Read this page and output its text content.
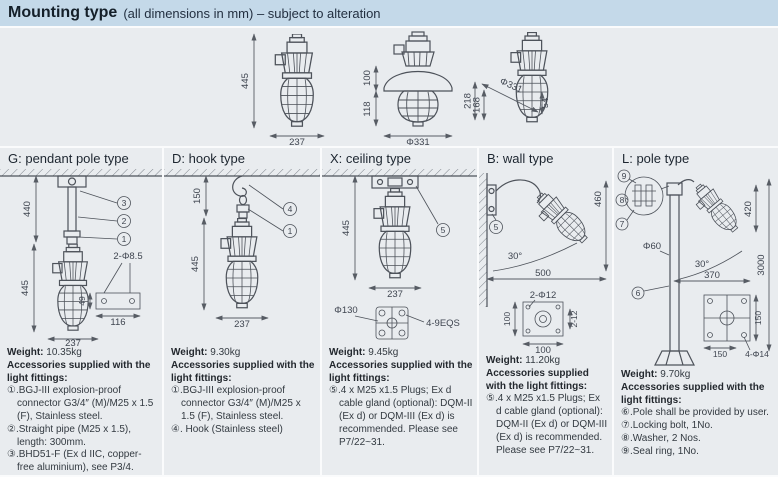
Mounting type (all dimensions in mm) – subject to alteration
445
237
100
118
Φ331
Φ331
218
168	54
G: pendant pole type
3
2
1
440
445
237
2-Φ8.5
49
116
Weight: 10.35kg
Accessories supplied with the light fittings:
①.BGJ-III explosion-proof connector G3/4″ (M)/M25 x 1.5 (F), Stainless steel.
②.Straight pipe (M25 x 1.5), length: 300mm.
③.BHD51-F (Ex d IIC, copper-free aluminium), see P3/4.
D: hook type
4
1
150
445
237
Weight: 9.30kg
Accessories supplied with the light fittings:
①.BGJ-III explosion-proof connector G3/4″ (M)/M25 x 1.5 (F), Stainless steel.
④. Hook (Stainless steel)
X: ceiling type
5
445
237
Φ130
4-9EQS
Weight: 9.45kg
Accessories supplied with the light fittings:
⑤.4 x M25 x1.5 Plugs; Ex d cable gland (optional): DQM-II (Ex d) or DQM-III (Ex d) is recommended. Please see P7/22~31.
B: wall type
30°
5
460
500
2-Φ12
100
100
2-12
Weight: 11.20kg
Accessories supplied with the light fittings:
⑤.4 x M25 x1.5 Plugs; Ex d cable gland (optional): DQM-II (Ex d) or DQM-III (Ex d) is recommended. Please see P7/22~31.
L: pole type
9
8
7
6
Φ60
420
3000
370
30°
150
150 4-Φ14
Weight: 9.70kg
Accessories supplied with the light fittings:
⑥.Pole shall be provided by user.
⑦.Locking bolt, 1No.
⑧.Washer, 2 Nos.
⑨.Seal ring, 1No.
